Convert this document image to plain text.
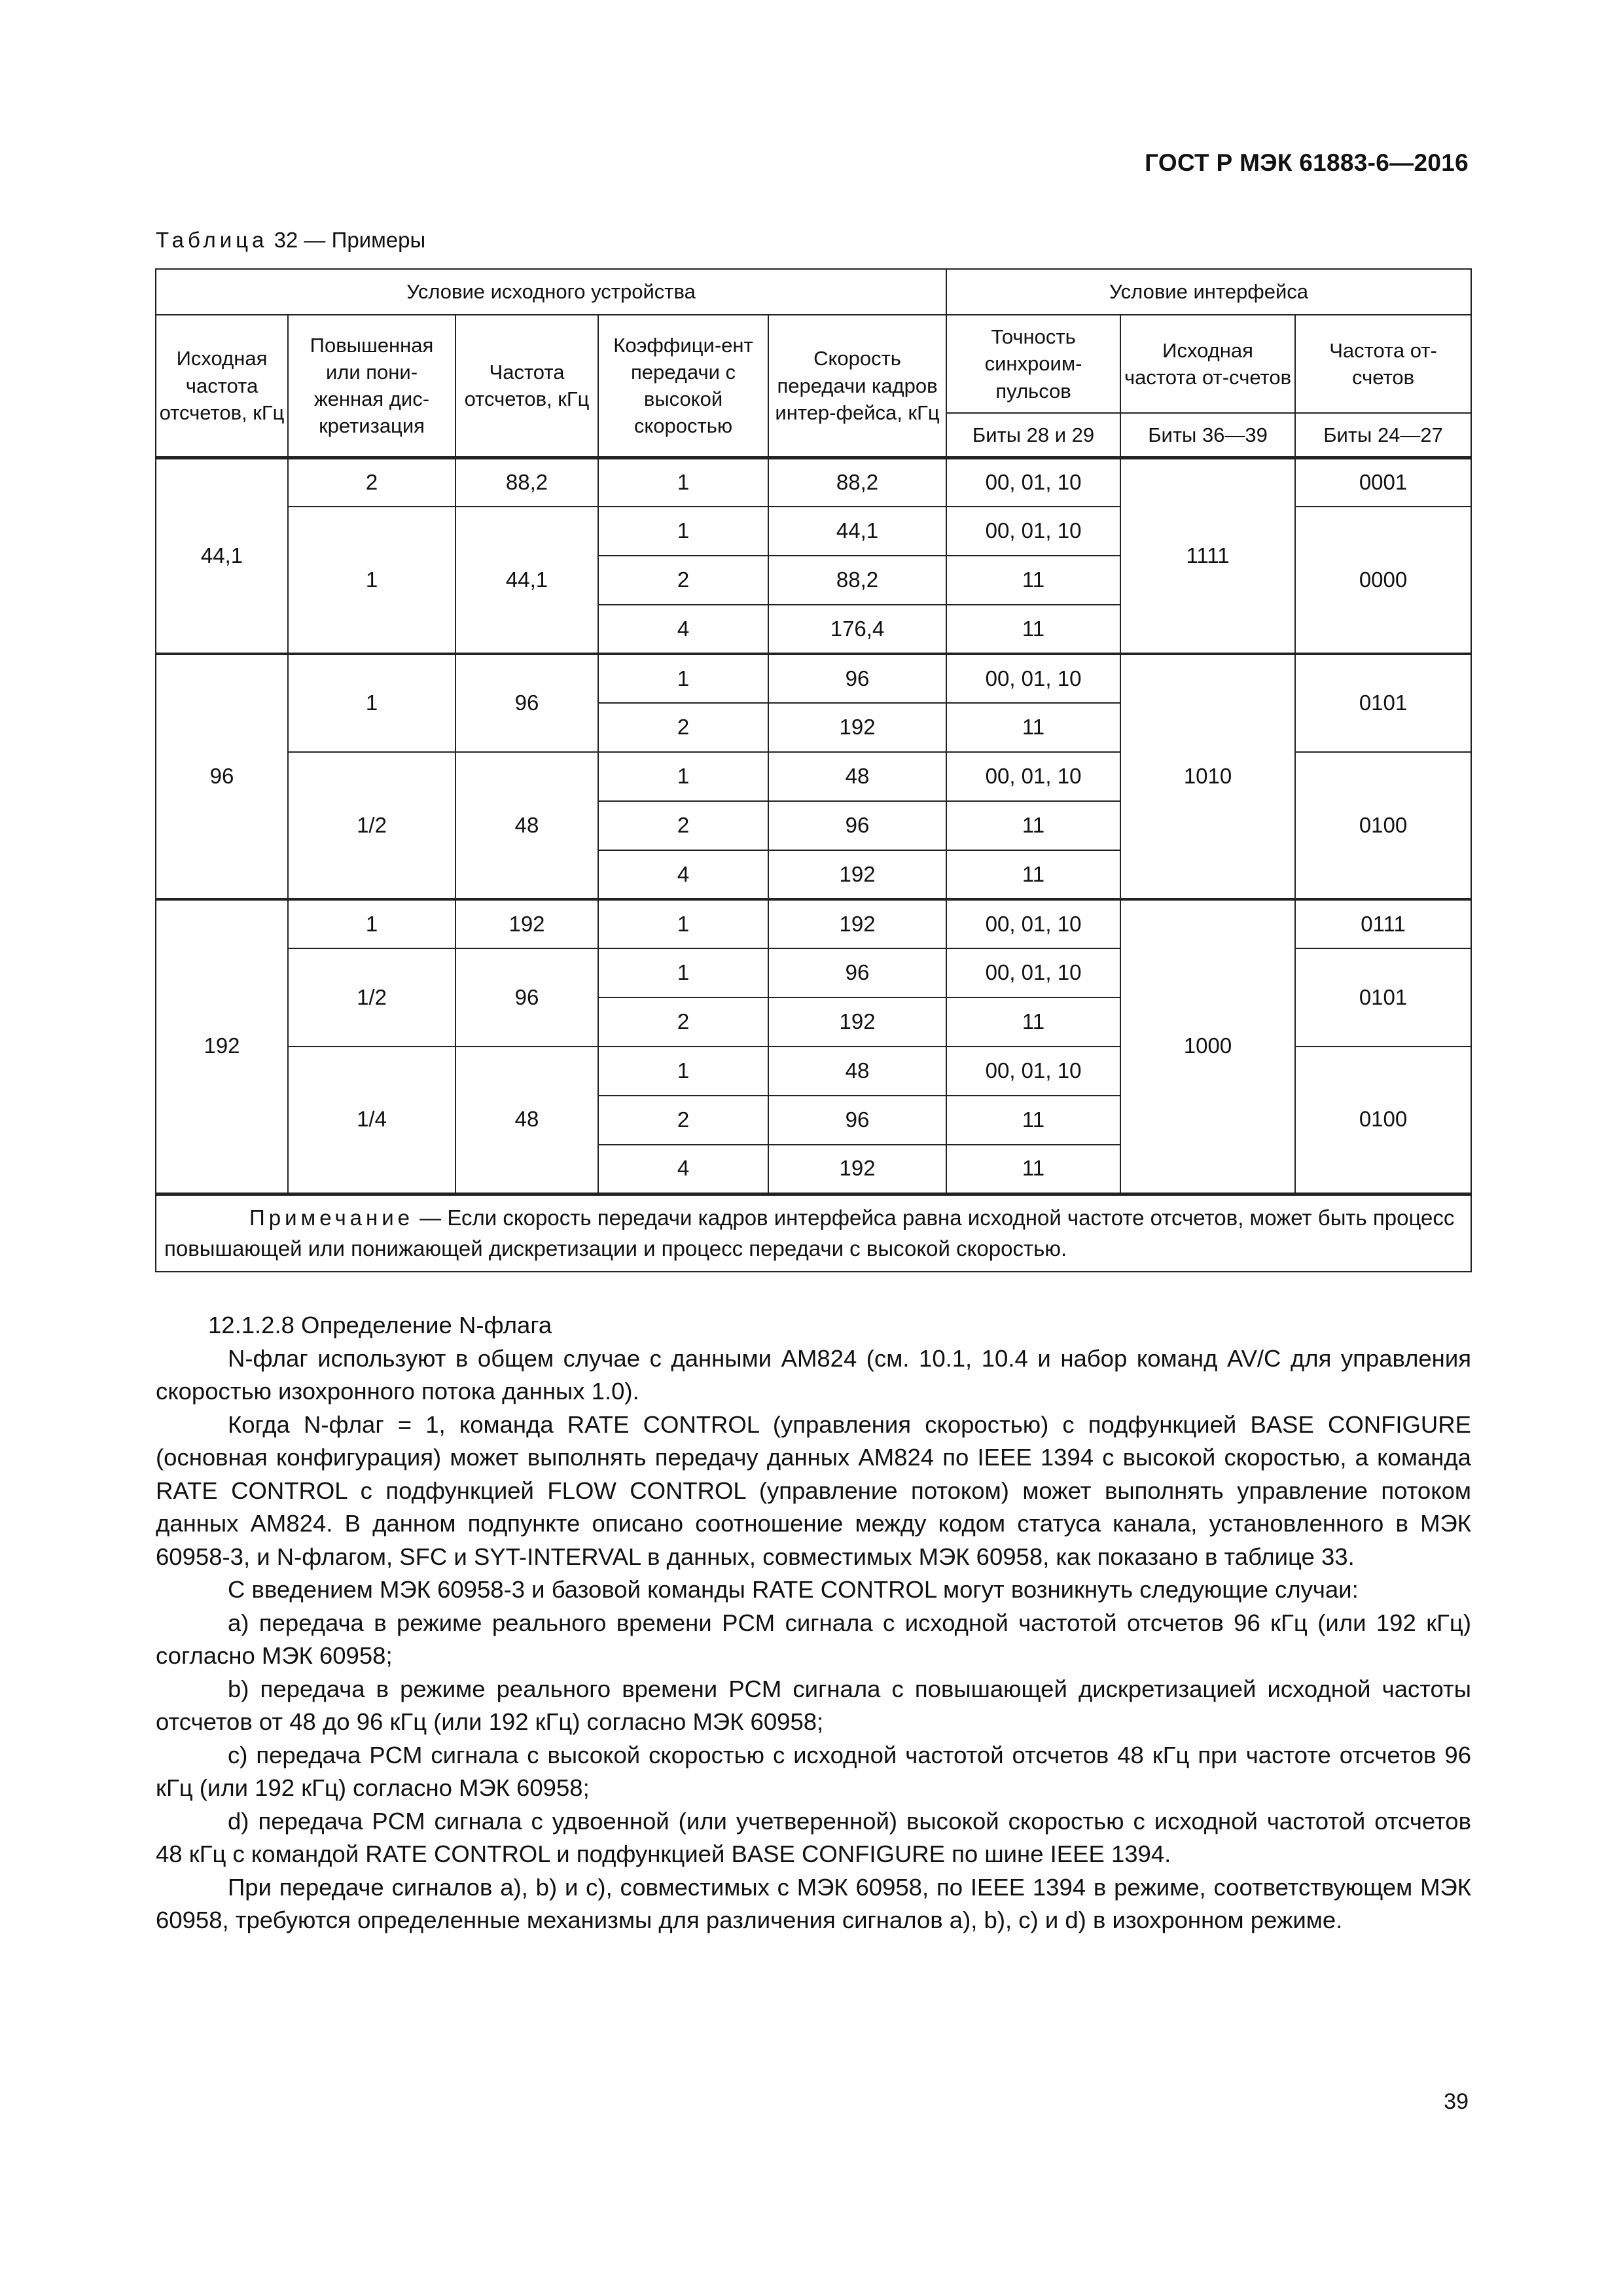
ГОСТ Р МЭК 61883-6—2016
Таблица 32 — Примеры
Условие исходного устройства					Условие интерфейса		
Исходная частота отсчетов, кГц	Повышенная или пони-женная дис-кретизация	Частота отсчетов, кГц	Коэффици-ент передачи с высокой скоростью	Скорость передачи кадров интер-фейса, кГц	Точность синхроим-пульсов	Исходная частота от-счетов	Частота от-счетов
					Биты 28 и 29	Биты 36—39	Биты 24—27
44,1	2	88,2	1	88,2	00, 01, 10	1111	0001
	1	44,1	1	44,1	00, 01, 10		0000
			2	88,2	11		
			4	176,4	11		
96	1	96	1	96	00, 01, 10	1010	0101
			2	192	11		
	1/2	48	1	48	00, 01, 10		0100
			2	96	11		
			4	192	11		
192	1	192	1	192	00, 01, 10	1000	0111
	1/2	96	1	96	00, 01, 10		0101
			2	192	11		
	1/4	48	1	48	00, 01, 10		0100
			2	96	11		
			4	192	11		
Примечание — Если скорость передачи кадров интерфейса равна исходной частоте отсчетов, может быть процесс повышающей или понижающей дискретизации и процесс передачи с высокой скоростью.							

12.1.2.8 Определение N-флага

N-флаг используют в общем случае с данными AM824 (см. 10.1, 10.4 и набор команд AV/C для управления скоростью изохронного потока данных 1.0).

Когда N-флаг = 1, команда RATE CONTROL (управления скоростью) с подфункцией BASE CONFIGURE (основная конфигурация) может выполнять передачу данных AM824 по IEEE 1394 с высокой скоростью, а команда RATE CONTROL с подфункцией FLOW CONTROL (управление потоком) может выполнять управление потоком данных AM824. В данном подпункте описано соотношение между кодом статуса канала, установленного в МЭК 60958-3, и N-флагом, SFC и SYT-INTERVAL в данных, совместимых МЭК 60958, как показано в таблице 33.

С введением МЭК 60958-3 и базовой команды RATE CONTROL могут возникнуть следующие случаи:

a) передача в режиме реального времени PCM сигнала с исходной частотой отсчетов 96 кГц (или 192 кГц) согласно МЭК 60958;

b) передача в режиме реального времени PCM сигнала с повышающей дискретизацией исходной частоты отсчетов от 48 до 96 кГц (или 192 кГц) согласно МЭК 60958;

c) передача PCM сигнала с высокой скоростью с исходной частотой отсчетов 48 кГц при частоте отсчетов 96 кГц (или 192 кГц) согласно МЭК 60958;

d) передача PCM сигнала с удвоенной (или учетверенной) высокой скоростью с исходной частотой отсчетов 48 кГц с командой RATE CONTROL и подфункцией BASE CONFIGURE по шине IEEE 1394.

При передаче сигналов a), b) и c), совместимых с МЭК 60958, по IEEE 1394 в режиме, соответствующем МЭК 60958, требуются определенные механизмы для различения сигналов a), b), c) и d) в изохронном режиме.

39
